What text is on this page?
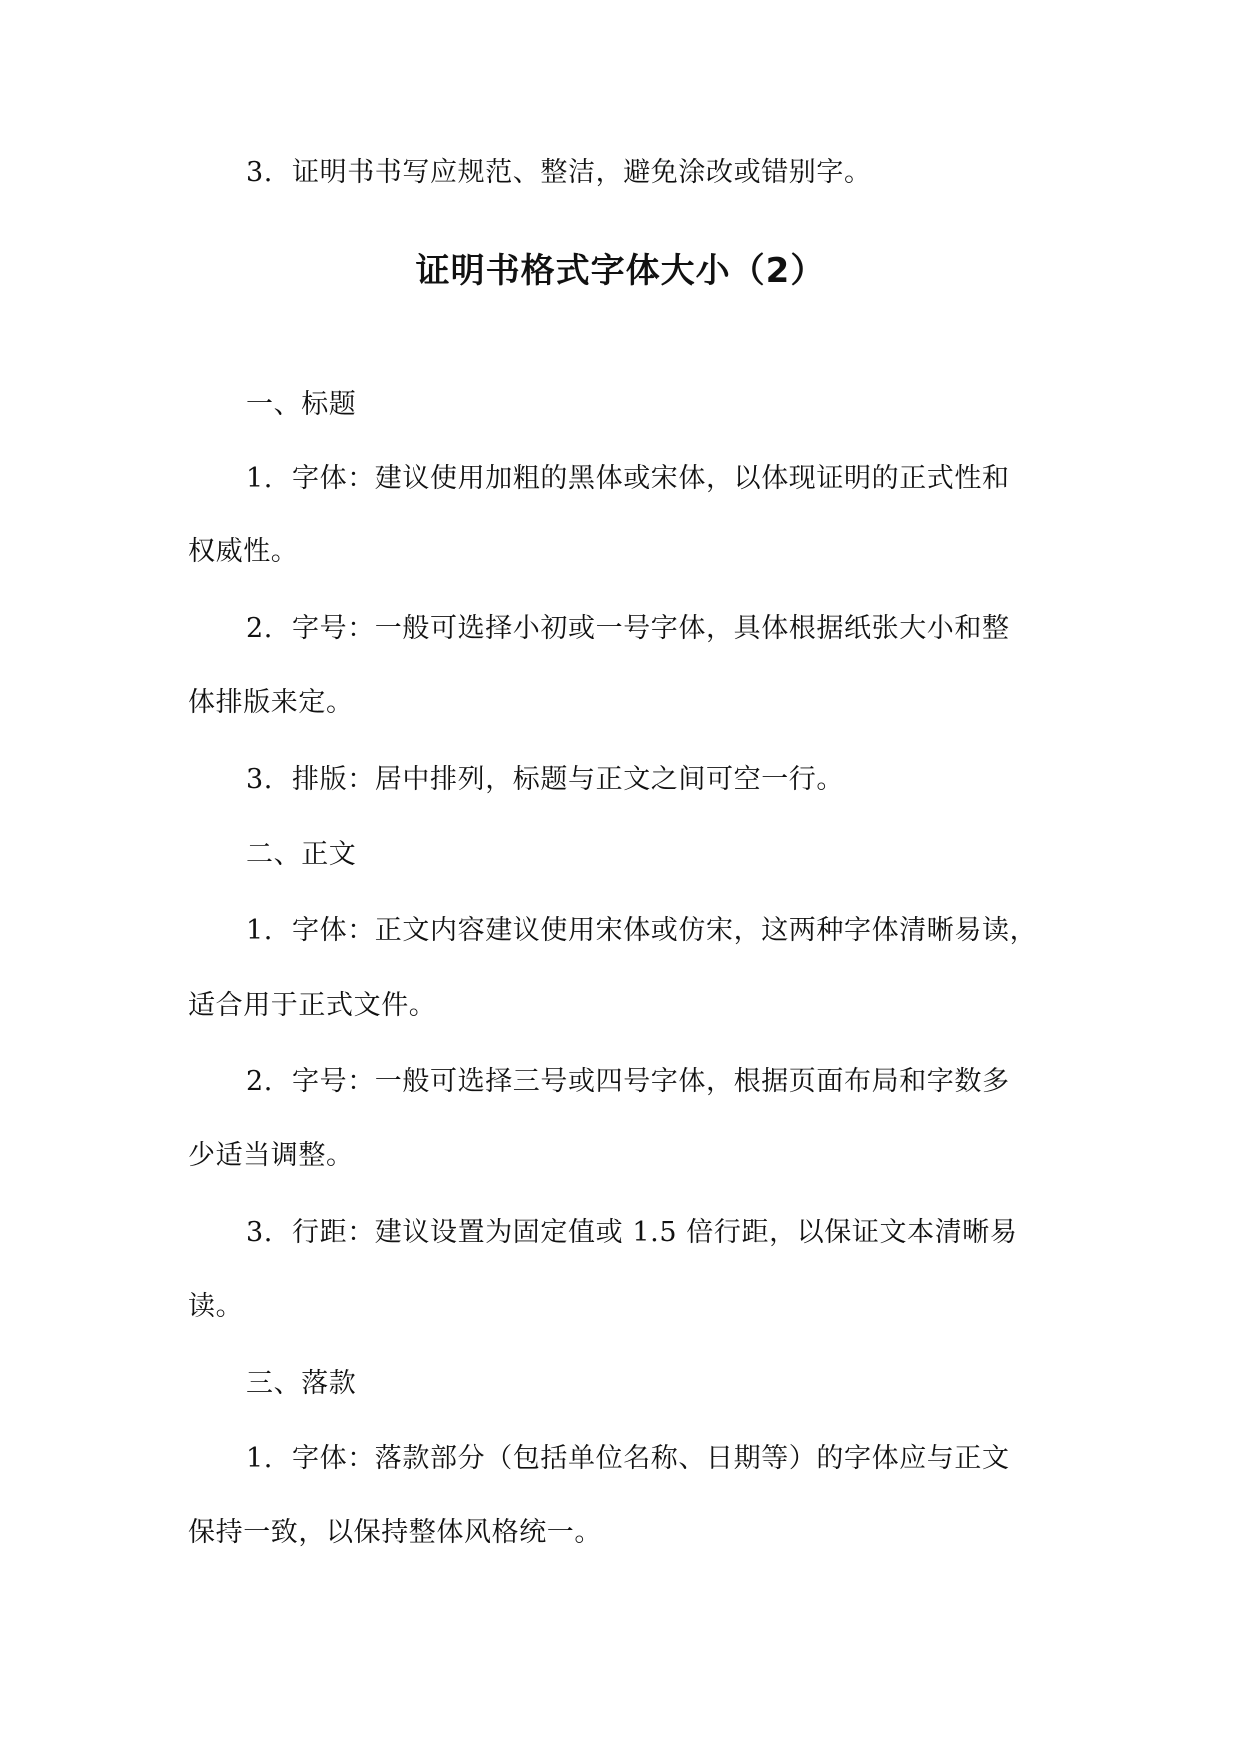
3. 证明书书写应规范、整洁，避免涂改或错别字。

证明书格式字体大小（2）

一、标题

1. 字体：建议使用加粗的黑体或宋体，以体现证明的正式性和

权威性。

2. 字号：一般可选择小初或一号字体，具体根据纸张大小和整

体排版来定。

3. 排版：居中排列，标题与正文之间可空一行。

二、正文

1. 字体：正文内容建议使用宋体或仿宋，这两种字体清晰易读，

适合用于正式文件。

2. 字号：一般可选择三号或四号字体，根据页面布局和字数多

少适当调整。

3. 行距：建议设置为固定值或 1.5 倍行距，以保证文本清晰易

读。

三、落款

1. 字体：落款部分（包括单位名称、日期等）的字体应与正文

保持一致，以保持整体风格统一。
